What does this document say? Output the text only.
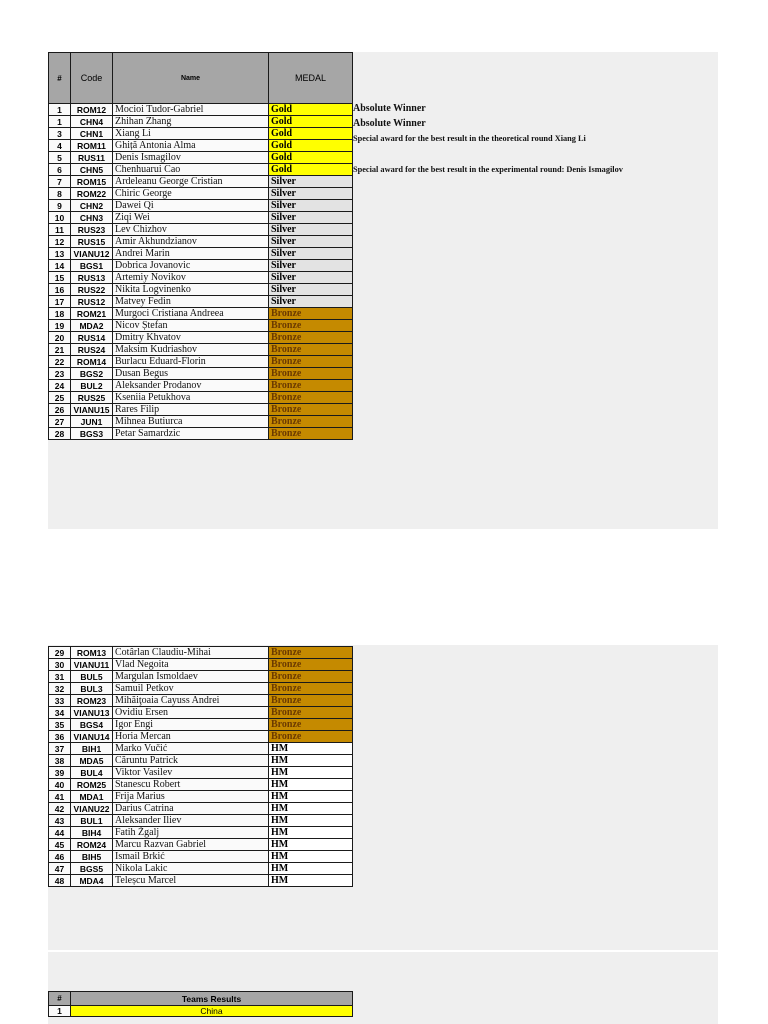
#	Code	Name	MEDAL
1	ROM12	Mocioi Tudor-Gabriel	Gold
1	CHN4	Zhihan Zhang	Gold
3	CHN1	Xiang Li	Gold
4	ROM11	Ghiță Antonia Alma	Gold
5	RUS11	Denis Ismagilov	Gold
6	CHN5	Chenhuarui Cao	Gold
7	ROM15	Ardeleanu George Cristian	Silver
8	ROM22	Chiric George	Silver
9	CHN2	Dawei Qi	Silver
10	CHN3	Ziqi Wei	Silver
11	RUS23	Lev Chizhov	Silver
12	RUS15	Amir Akhundzianov	Silver
13	VIANU12	Andrei Marin	Silver
14	BGS1	Dobrica Jovanovic	Silver
15	RUS13	Artemiy Novikov	Silver
16	RUS22	Nikita Logvinenko	Silver
17	RUS12	Matvey Fedin	Silver
18	ROM21	Murgoci Cristiana Andreea	Bronze
19	MDA2	Nicov Ștefan	Bronze
20	RUS14	Dmitry Khvatov	Bronze
21	RUS24	Maksim Kudriashov	Bronze
22	ROM14	Burlacu Eduard-Florin	Bronze
23	BGS2	Dusan Begus	Bronze
24	BUL2	Aleksander Prodanov	Bronze
25	RUS25	Kseniia Petukhova	Bronze
26	VIANU15	Rares Filip	Bronze
27	JUN1	Mihnea Butiurca	Bronze
28	BGS3	Petar Samardzic	Bronze
Absolute Winner
Absolute Winner
Special award for the best result in the theoretical round Xiang Li
Special award for the best result in the experimental round: Denis Ismagilov
29	ROM13	Cotârlan Claudiu-Mihai	Bronze
30	VIANU11	Vlad Negoita	Bronze
31	BUL5	Margulan Ismoldaev	Bronze
32	BUL3	Samuil Petkov	Bronze
33	ROM23	Mihăiţoaia Cayuss Andrei	Bronze
34	VIANU13	Ovidiu Ersen	Bronze
35	BGS4	Igor Engi	Bronze
36	VIANU14	Horia Mercan	Bronze
37	BIH1	Marko Vučić	HM
38	MDA5	Căruntu Patrick	HM
39	BUL4	Viktor Vasilev	HM
40	ROM25	Stanescu Robert	HM
41	MDA1	Frija Marius	HM
42	VIANU22	Darius Catrina	HM
43	BUL1	Aleksander Iliev	HM
44	BIH4	Fatih Žgalj	HM
45	ROM24	Marcu Razvan Gabriel	HM
46	BIH5	Ismail Brkić	HM
47	BGS5	Nikola Lakic	HM
48	MDA4	Teleșcu Marcel	HM
#	Teams Results
1	China
